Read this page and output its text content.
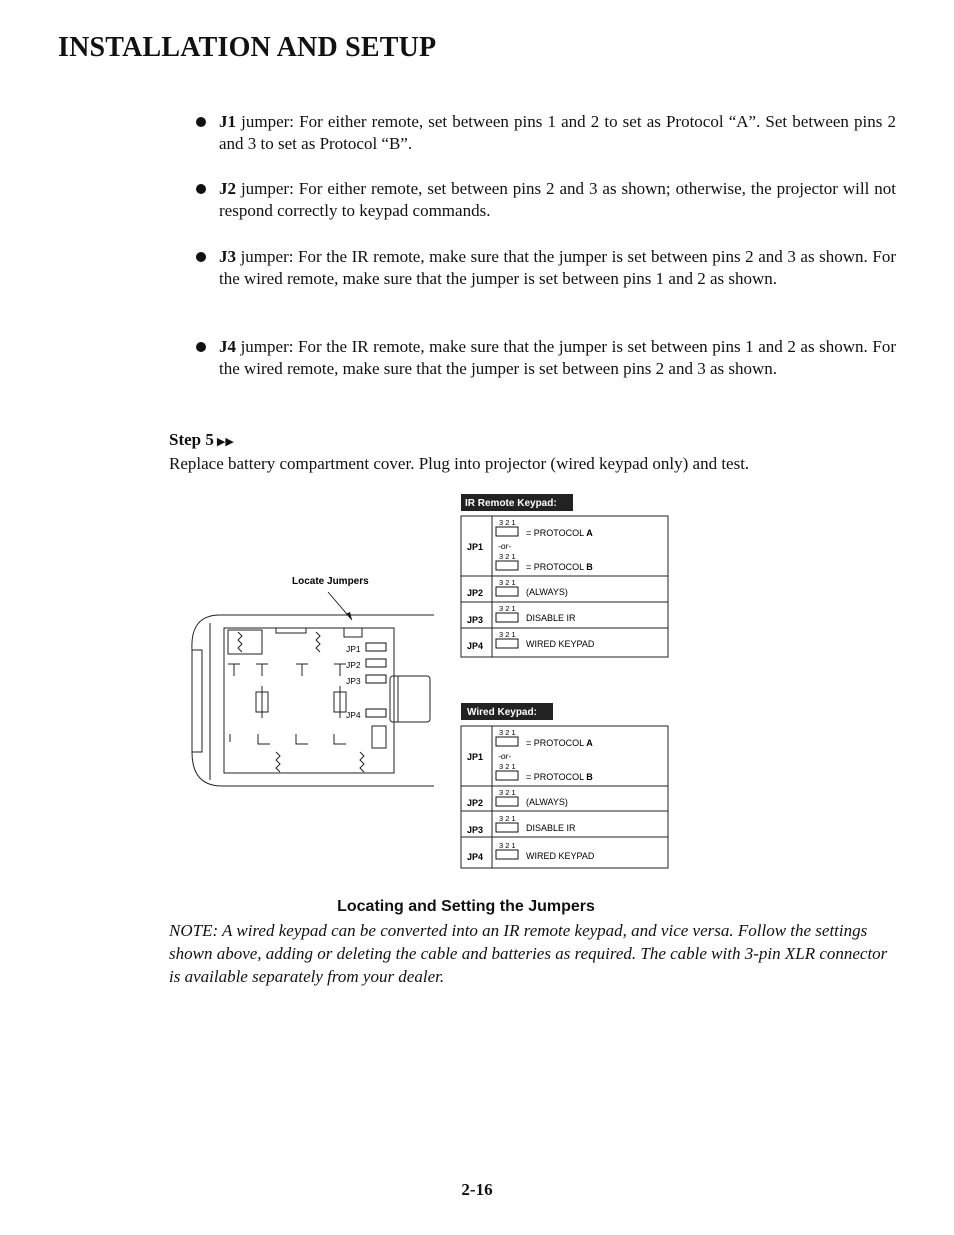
INSTALLATION AND SETUP
J1 jumper: For either remote, set between pins 1 and 2 to set as Protocol “A”. Set between pins 2 and 3 to set as Protocol “B”.
J2 jumper: For either remote, set between pins 2 and 3 as shown; otherwise, the projector will not respond correctly to keypad commands.
J3 jumper: For the IR remote, make sure that the jumper is set between pins 2 and 3 as shown. For the wired remote, make sure that the jumper is set between pins 1 and 2 as shown.
J4 jumper: For the IR remote, make sure that the jumper is set between pins 1 and 2 as shown. For the wired remote, make sure that the jumper is set between pins 2 and 3 as shown.
Step 5 ▶▶
Replace battery compartment cover. Plug into projector (wired keypad only) and test.
Locate Jumpers
JP1
JP2
JP3
JP4
IR Remote Keypad:
JP1
JP2
JP3
JP4
3 2 1
= PROTOCOL A
-or-
3 2 1
= PROTOCOL B
3 2 1
(ALWAYS)
3 2 1
DISABLE IR
3 2 1
WIRED KEYPAD
Wired Keypad:
JP1
JP2
JP3
JP4
3 2 1
= PROTOCOL A
-or-
3 2 1
= PROTOCOL B
3 2 1
(ALWAYS)
3 2 1
DISABLE IR
3 2 1
WIRED KEYPAD
Locating and Setting the Jumpers
NOTE: A wired keypad can be converted into an IR remote keypad, and vice versa. Follow the settings shown above, adding or deleting the cable and batteries as required. The cable with 3-pin XLR connector is available separately from your dealer.
2-16
